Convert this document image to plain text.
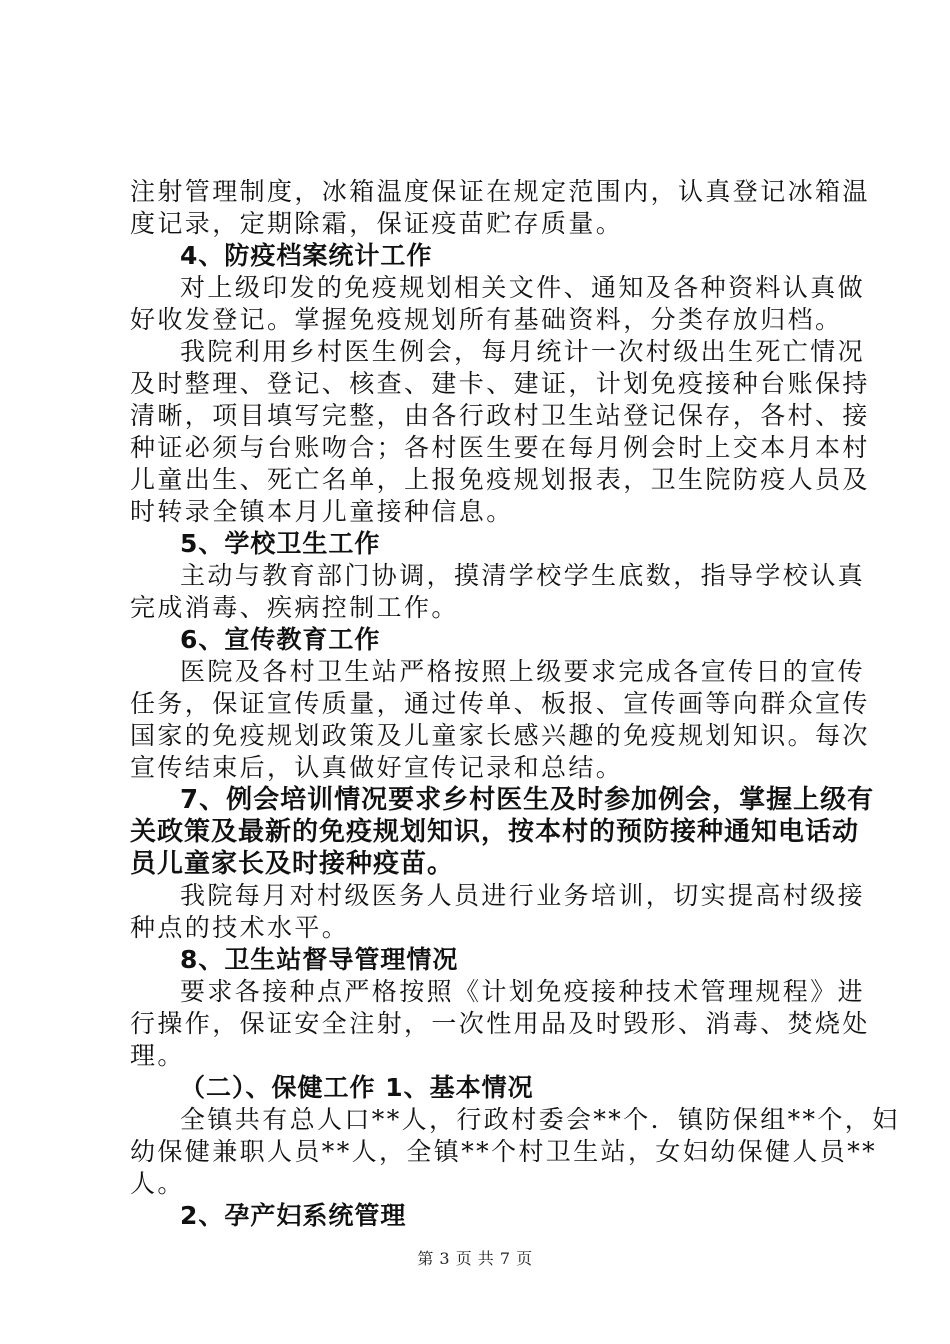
注射管理制度，冰箱温度保证在规定范围内，认真登记冰箱温
度记录，定期除霜，保证疫苗贮存质量。
4、防疫档案统计工作
对上级印发的免疫规划相关文件、通知及各种资料认真做
好收发登记。掌握免疫规划所有基础资料，分类存放归档。
我院利用乡村医生例会，每月统计一次村级出生死亡情况
及时整理、登记、核查、建卡、建证，计划免疫接种台账保持
清晰，项目填写完整，由各行政村卫生站登记保存，各村、接
种证必须与台账吻合；各村医生要在每月例会时上交本月本村
儿童出生、死亡名单，上报免疫规划报表，卫生院防疫人员及
时转录全镇本月儿童接种信息。
5、学校卫生工作
主动与教育部门协调，摸清学校学生底数，指导学校认真
完成消毒、疾病控制工作。
6、宣传教育工作
医院及各村卫生站严格按照上级要求完成各宣传日的宣传
任务，保证宣传质量，通过传单、板报、宣传画等向群众宣传
国家的免疫规划政策及儿童家长感兴趣的免疫规划知识。每次
宣传结束后，认真做好宣传记录和总结。
7、例会培训情况要求乡村医生及时参加例会，掌握上级有
关政策及最新的免疫规划知识，按本村的预防接种通知电话动
员儿童家长及时接种疫苗。
我院每月对村级医务人员进行业务培训，切实提高村级接
种点的技术水平。
8、卫生站督导管理情况
要求各接种点严格按照《计划免疫接种技术管理规程》进
行操作，保证安全注射，一次性用品及时毁形、消毒、焚烧处
理。
（二）、保健工作 1、基本情况
全镇共有总人口**人，行政村委会**个．镇防保组**个，妇
幼保健兼职人员**人，全镇**个村卫生站，女妇幼保健人员**
人。
2、孕产妇系统管理
第 3 页 共 7 页
